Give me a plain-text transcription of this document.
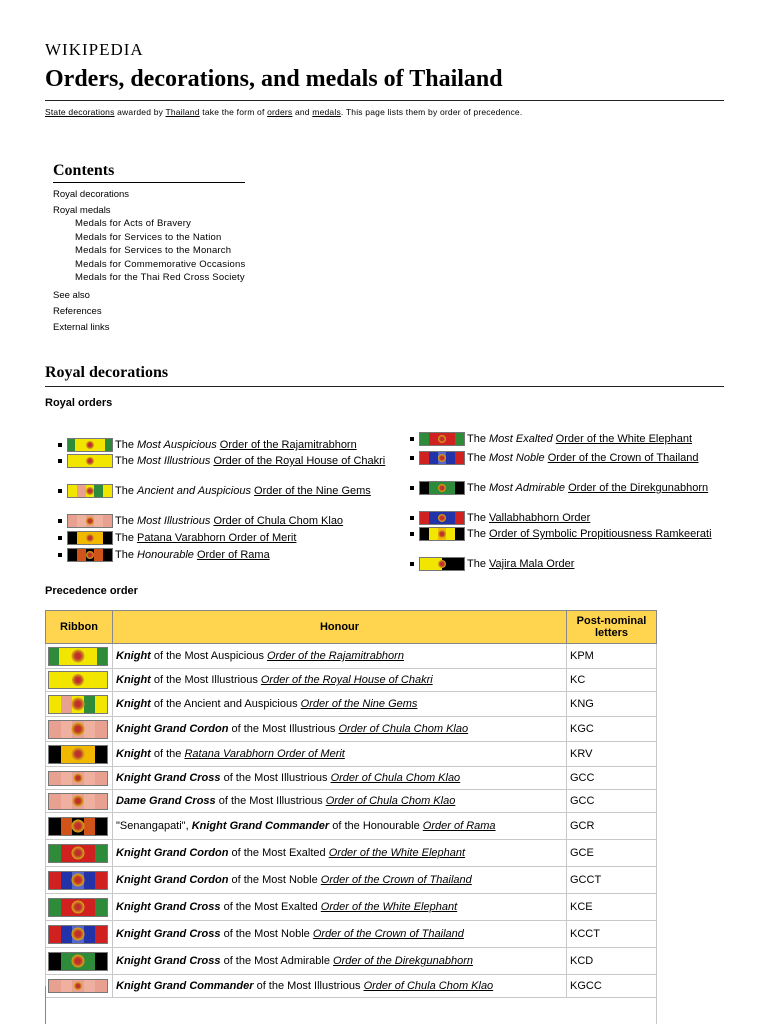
WIKIPEDIA
Orders, decorations, and medals of Thailand
State decorations awarded by Thailand take the form of orders and medals. This page lists them by order of precedence.
Contents
Royal decorations
Royal medals
Medals for Acts of Bravery
Medals for Services to the Nation
Medals for Services to the Monarch
Medals for Commemorative Occasions
Medals for the Thai Red Cross Society
See also
References
External links
Royal decorations
Royal orders
The Most Auspicious Order of the Rajamitrabhorn
The Most Illustrious Order of the Royal House of Chakri
The Ancient and Auspicious Order of the Nine Gems
The Most Illustrious Order of Chula Chom Klao
The Patana Varabhorn Order of Merit
The Honourable Order of Rama
The Most Exalted Order of the White Elephant
The Most Noble Order of the Crown of Thailand
The Most Admirable Order of the Direkgunabhorn
The Vallabhabhorn Order
The Order of Symbolic Propitiousness Ramkeerati
The Vajira Mala Order
Precedence order
Ribbon	Honour	Post-nominal letters

	Knight of the Most Auspicious Order of the Rajamitrabhorn	KPM

	Knight of the Most Illustrious Order of the Royal House of Chakri	KC

	Knight of the Ancient and Auspicious Order of the Nine Gems	KNG

	Knight Grand Cordon of the Most Illustrious Order of Chula Chom Klao	KGC

	Knight of the Ratana Varabhorn Order of Merit	KRV

	Knight Grand Cross of the Most Illustrious Order of Chula Chom Klao	GCC

	Dame Grand Cross of the Most Illustrious Order of Chula Chom Klao	GCC

	"Senangapati", Knight Grand Commander of the Honourable Order of Rama	GCR

	Knight Grand Cordon of the Most Exalted Order of the White Elephant	GCE

	Knight Grand Cordon of the Most Noble Order of the Crown of Thailand	GCCT

	Knight Grand Cross of the Most Exalted Order of the White Elephant	KCE

	Knight Grand Cross of the Most Noble Order of the Crown of Thailand	KCCT

	Knight Grand Cross of the Most Admirable Order of the Direkgunabhorn	KCD

	Knight Grand Commander of the Most Illustrious Order of Chula Chom Klao	KGCC
